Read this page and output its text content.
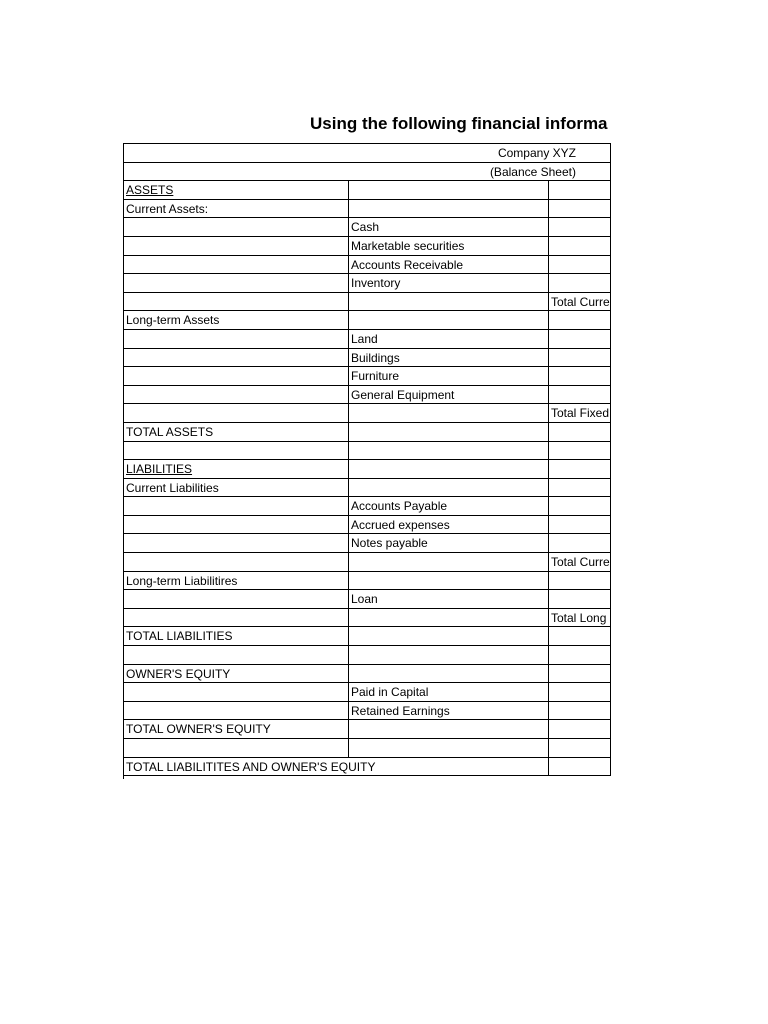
Using the following financial informa
Company XYZ
(Balance Sheet)
ASSETS
Current Assets:
Cash
Marketable securities
Accounts Receivable
Inventory
Total Curre
Long-term Assets
Land
Buildings
Furniture
General Equipment
Total Fixed
TOTAL ASSETS
LIABILITIES
Current Liabilities
Accounts Payable
Accrued expenses
Notes payable
Total Curre
Long-term Liabilitires
Loan
Total Long
TOTAL LIABILITIES
OWNER'S EQUITY
Paid in Capital
Retained Earnings
TOTAL OWNER'S EQUITY
TOTAL LIABILITITES AND OWNER'S EQUITY
